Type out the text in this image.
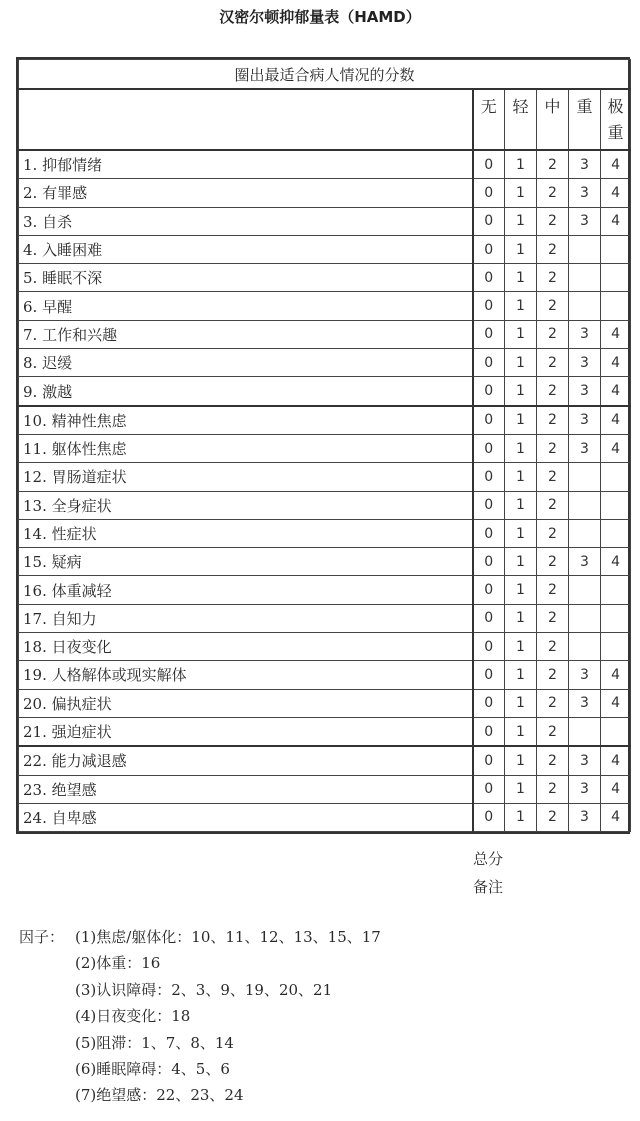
汉密尔顿抑郁量表（HAMD）
圈出最适合病人情况的分数					
	无	轻	中	重	极重
1. 抑郁情绪	0	1	2	3	4
2. 有罪感	0	1	2	3	4
3. 自杀	0	1	2	3	4
4. 入睡困难	0	1	2		
5. 睡眠不深	0	1	2		
6. 早醒	0	1	2		
7. 工作和兴趣	0	1	2	3	4
8. 迟缓	0	1	2	3	4
9. 激越	0	1	2	3	4
10. 精神性焦虑	0	1	2	3	4
11. 躯体性焦虑	0	1	2	3	4
12. 胃肠道症状	0	1	2		
13. 全身症状	0	1	2		
14. 性症状	0	1	2		
15. 疑病	0	1	2	3	4
16. 体重减轻	0	1	2		
17. 自知力	0	1	2		
18. 日夜变化	0	1	2		
19. 人格解体或现实解体	0	1	2	3	4
20. 偏执症状	0	1	2	3	4
21. 强迫症状	0	1	2		
22. 能力减退感	0	1	2	3	4
23. 绝望感	0	1	2	3	4
24. 自卑感	0	1	2	3	4
总分
备注
因子： (1)焦虑/躯体化：10、11、12、13、15、17
(2)体重：16
(3)认识障碍：2、3、9、19、20、21
(4)日夜变化：18
(5)阻滞：1、7、8、14
(6)睡眠障碍：4、5、6
(7)绝望感：22、23、24
